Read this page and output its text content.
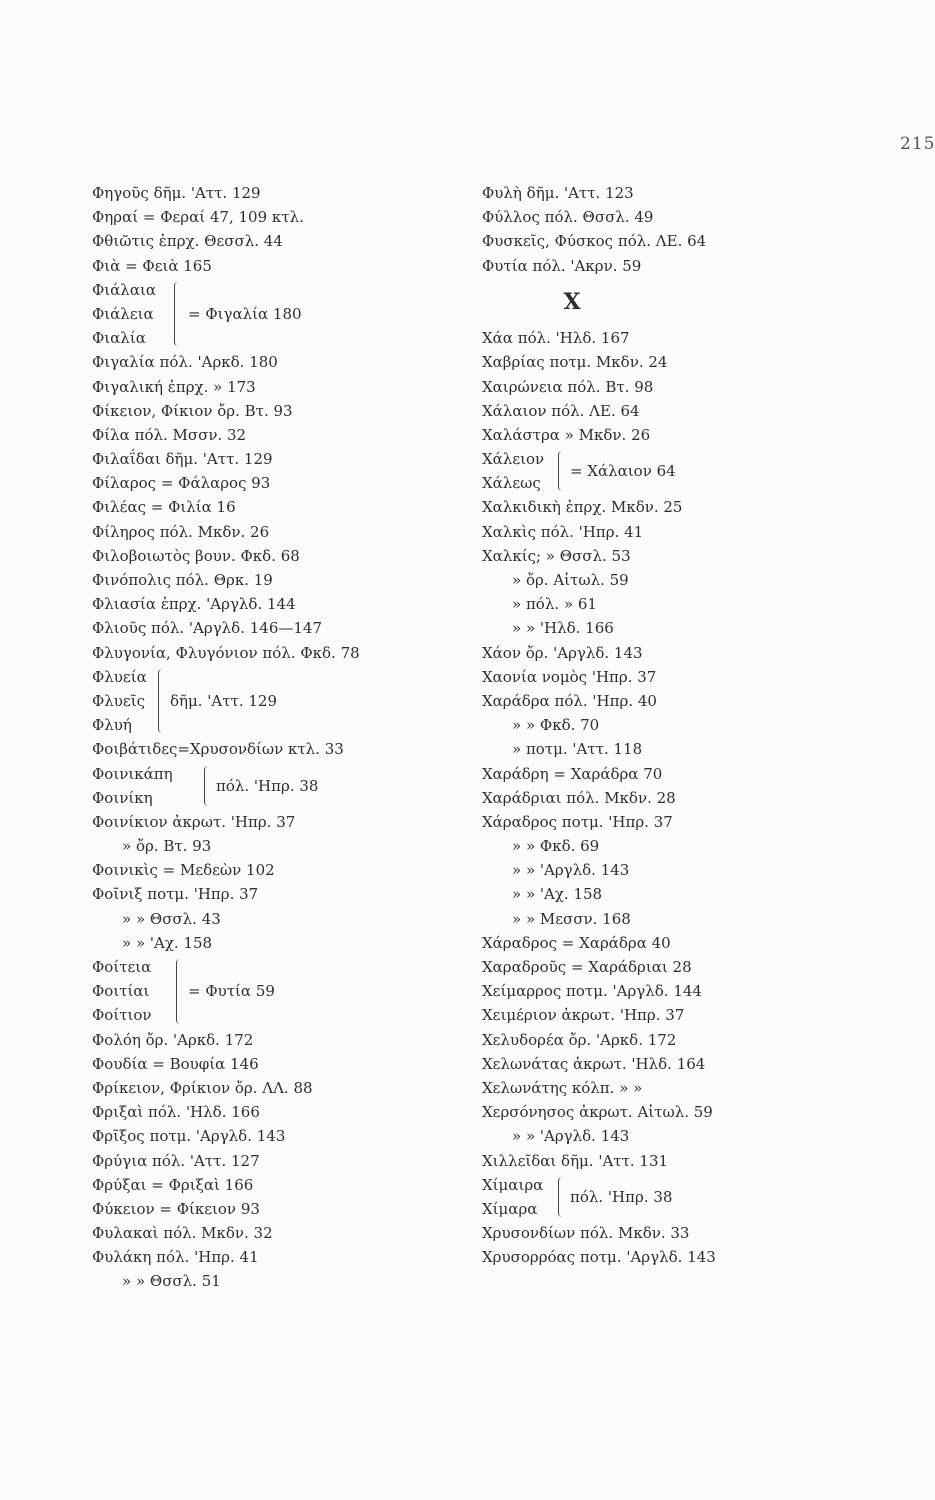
215
Φηγοῦς δῆμ. 'Αττ. 129
Φηραί = Φεραί 47, 109 κτλ.
Φθιῶτις ἐπρχ. Θεσσλ. 44
Φιὰ = Φειὰ 165
Φιάλαια
Φιάλεια
Φιαλία
= Φιγαλία 180
Φιγαλία πόλ. 'Αρκδ. 180
Φιγαλική ἐπρχ. » 173
Φίκειον, Φίκιον ὄρ. Βτ. 93
Φίλα πόλ. Μσσν. 32
Φιλαΐδαι δῆμ. 'Αττ. 129
Φίλαρος = Φάλαρος 93
Φιλέας = Φιλία 16
Φίληρος πόλ. Μκδν. 26
Φιλοβοιωτὸς βουν. Φκδ. 68
Φινόπολις πόλ. Θρκ. 19
Φλιασία ἐπρχ. 'Αργλδ. 144
Φλιοῦς πόλ. 'Αργλδ. 146—147
Φλυγονία, Φλυγόνιον πόλ. Φκδ. 78
Φλυεία
Φλυεῖς
Φλυή
δῆμ. 'Αττ. 129
Φοιβάτιδες=Χρυσονδίων κτλ. 33
Φοινικάπη
Φοινίκη
πόλ. 'Ηπρ. 38
Φοινίκιον ἀκρωτ. 'Ηπρ. 37
» ὄρ. Βτ. 93
Φοινικὶς = Μεδεὼν 102
Φοῖνιξ ποτμ. 'Ηπρ. 37
» » Θσσλ. 43
» » 'Αχ. 158
Φοίτεια
Φοιτίαι
Φοίτιον
= Φυτία 59
Φολόη ὄρ. 'Αρκδ. 172
Φουδία = Βουφία 146
Φρίκειον, Φρίκιον ὄρ. ΛΛ. 88
Φριξαὶ πόλ. 'Ηλδ. 166
Φρῖξος ποτμ. 'Αργλδ. 143
Φρύγια πόλ. 'Αττ. 127
Φρύξαι = Φριξαὶ 166
Φύκειον = Φίκειον 93
Φυλακαὶ πόλ. Μκδν. 32
Φυλάκη πόλ. 'Ηπρ. 41
» » Θσσλ. 51
Φυλὴ δῆμ. 'Αττ. 123
Φύλλος πόλ. Θσσλ. 49
Φυσκεῖς, Φύσκος πόλ. ΛΕ. 64
Φυτία πόλ. 'Ακρν. 59
X
Χάα πόλ. 'Ηλδ. 167
Χαβρίας ποτμ. Μκδν. 24
Χαιρώνεια πόλ. Βτ. 98
Χάλαιον πόλ. ΛΕ. 64
Χαλάστρα » Μκδν. 26
Χάλειον
Χάλεως
= Χάλαιον 64
Χαλκιδικὴ ἐπρχ. Μκδν. 25
Χαλκὶς πόλ. 'Ηπρ. 41
Χαλκίς; » Θσσλ. 53
» ὄρ. Αἰτωλ. 59
» πόλ. » 61
» » 'Ηλδ. 166
Χάον ὄρ. 'Αργλδ. 143
Χαονία νομὸς 'Ηπρ. 37
Χαράδρα πόλ. 'Ηπρ. 40
» » Φκδ. 70
» ποτμ. 'Αττ. 118
Χαράδρη = Χαράδρα 70
Χαράδριαι πόλ. Μκδν. 28
Χάραδρος ποτμ. 'Ηπρ. 37
» » Φκδ. 69
» » 'Αργλδ. 143
» » 'Αχ. 158
» » Μεσσν. 168
Χάραδρος = Χαράδρα 40
Χαραδροῦς = Χαράδριαι 28
Χείμαρρος ποτμ. 'Αργλδ. 144
Χειμέριον ἀκρωτ. 'Ηπρ. 37
Χελυδορέα ὄρ. 'Αρκδ. 172
Χελωνάτας ἀκρωτ. 'Ηλδ. 164
Χελωνάτης κόλπ. » »
Χερσόνησος ἀκρωτ. Αἰτωλ. 59
» » 'Αργλδ. 143
Χιλλεῖδαι δῆμ. 'Αττ. 131
Χίμαιρα
Χίμαρα
πόλ. 'Ηπρ. 38
Χρυσονδίων πόλ. Μκδν. 33
Χρυσορρόας ποτμ. 'Αργλδ. 143
